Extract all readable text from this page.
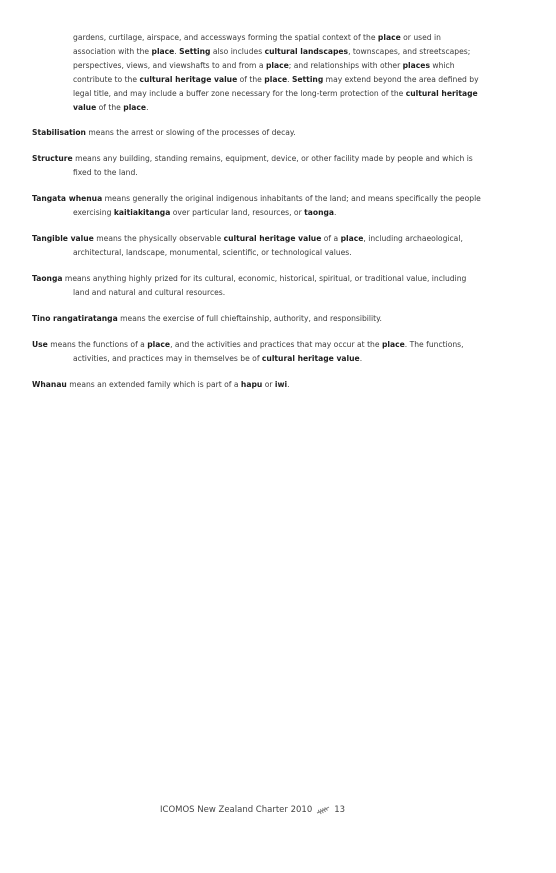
gardens, curtilage, airspace, and accessways forming the spatial context of the place or used in association with the place. Setting also includes cultural landscapes, townscapes, and streetscapes; perspectives, views, and viewshafts to and from a place; and relationships with other places which contribute to the cultural heritage value of the place. Setting may extend beyond the area defined by legal title, and may include a buffer zone necessary for the long-term protection of the cultural heritage value of the place.

Stabilisation means the arrest or slowing of the processes of decay.

Structure means any building, standing remains, equipment, device, or other facility made by people and which is fixed to the land.

Tangata whenua means generally the original indigenous inhabitants of the land; and means specifically the people exercising kaitiakitanga over particular land, resources, or taonga.

Tangible value means the physically observable cultural heritage value of a place, including archaeological, architectural, landscape, monumental, scientific, or technological values.

Taonga means anything highly prized for its cultural, economic, historical, spiritual, or traditional value, including land and natural and cultural resources.

Tino rangatiratanga means the exercise of full chieftainship, authority, and responsibility.

Use means the functions of a place, and the activities and practices that may occur at the place. The functions, activities, and practices may in themselves be of cultural heritage value.

Whanau means an extended family which is part of a hapu or iwi.

ICOMOS New Zealand Charter 2010	13
